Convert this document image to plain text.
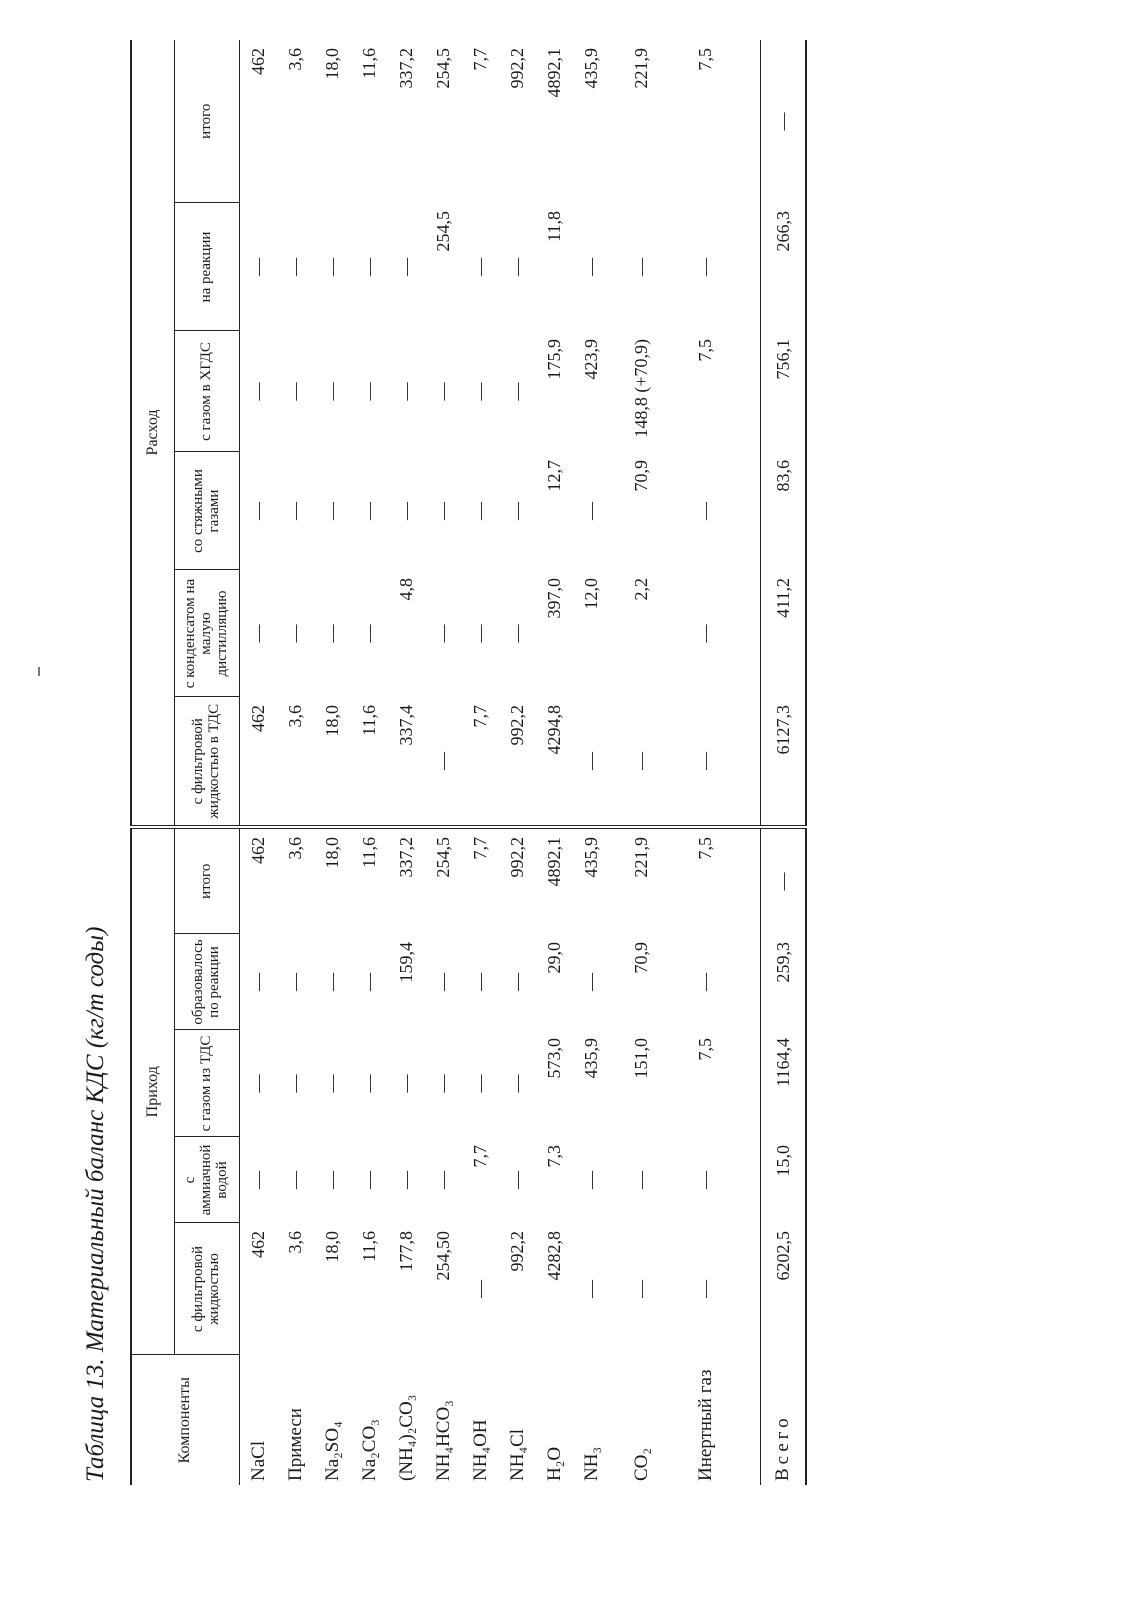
Таблица 13. Материальный баланс КДС (кг/т соды)	Компоненты	Приход					Расход					
	с фильтровой жидкостью	с аммиачной водой	с газом из ТДС	образовалось по реакции	итого	с фильтровой жидкостью в ТДС	с конденсатом на малую дистилляцию	со стяжными газами	с газом в ХГДС	на реакции	итого
NaCl	462	—	—	—	462	462	—	—	—	—	462
Примеси	3,6	—	—	—	3,6	3,6	—	—	—	—	3,6
Na₂SO₄	18,0	—	—	—	18,0	18,0	—	—	—	—	18,0
Na₂CO₃	11,6	—	—	—	11,6	11,6	—	—	—	—	11,6
(NH₄)₂CO₃	177,8	—	—	159,4	337,2	337,4	4,8	—	—	—	337,2
NH₄HCO₃	254,50	—	—	—	254,5	—	—	—	—	254,5	254,5
NH₄OH	—	7,7	—	—	7,7	7,7	—	—	—	—	7,7
NH₄Cl	992,2	—	—	—	992,2	992,2	—	—	—	—	992,2
H₂O	4282,8	7,3	573,0	29,0	4892,1	4294,8	397,0	12,7	175,9	11,8	4892,1
NH₃	—	—	435,9	—	435,9	—	12,0	—	423,9	—	435,9
CO₂	—	—	151,0	70,9	221,9	—	2,2	70,9	148,8 (+70,9)	—	221,9
Инертный газ	—	—	7,5	—	7,5	—	—	—	7,5	—	7,5

Всего	6202,5	15,0	1164,4	259,3	—	6127,3	411,2	83,6	756,1	266,3	—
